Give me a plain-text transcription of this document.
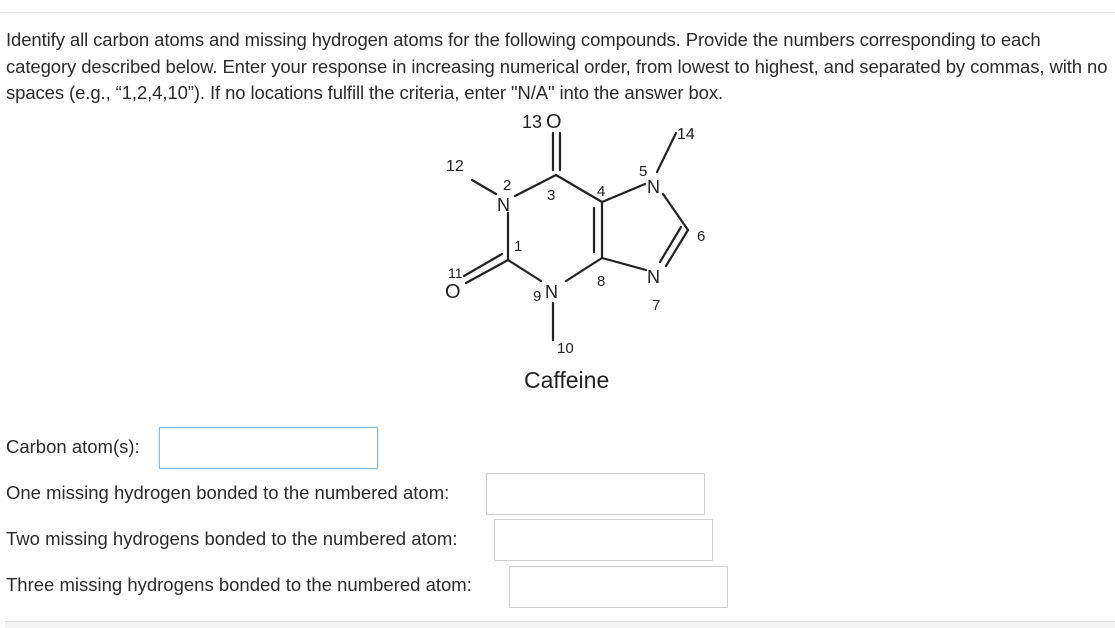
Identify all carbon atoms and missing hydrogen atoms for the following compounds. Provide the numbers corresponding to each category described below. Enter your response in increasing numerical order, from lowest to highest, and separated by commas, with no spaces (e.g., “1,2,4,10”). If no locations fulfill the criteria, enter "N/A" into the answer box.
N
N
N
N
O
O
12
2
3
13
4
5
14
6
1
8
7
9
11
10
Caffeine
Carbon atom(s):
One missing hydrogen bonded to the numbered atom:
Two missing hydrogens bonded to the numbered atom:
Three missing hydrogens bonded to the numbered atom:
